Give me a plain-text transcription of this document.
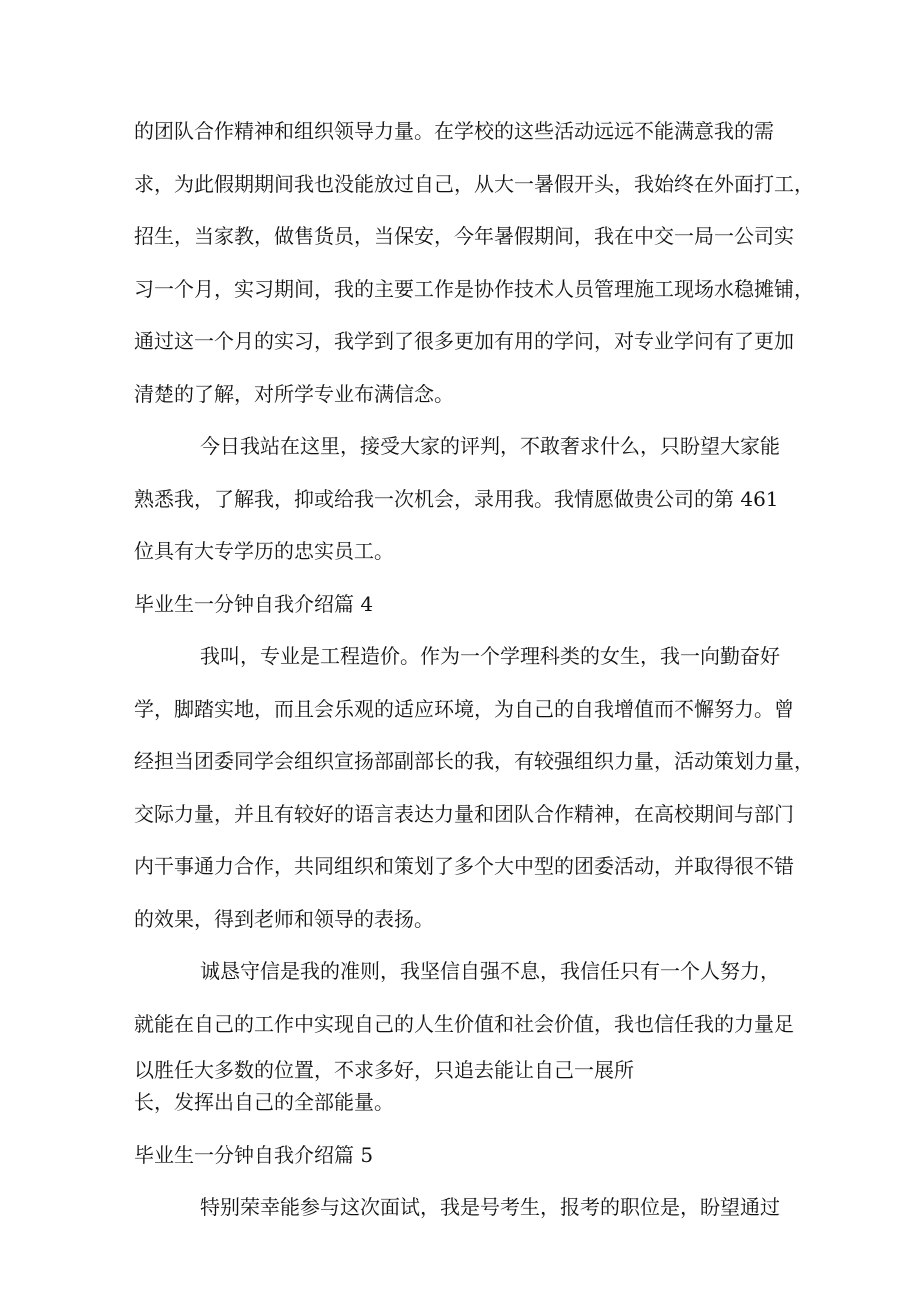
的团队合作精神和组织领导力量。在学校的这些活动远远不能满意我的需
求，为此假期期间我也没能放过自己，从大一暑假开头，我始终在外面打工，
招生，当家教，做售货员，当保安，今年暑假期间，我在中交一局一公司实
习一个月，实习期间，我的主要工作是协作技术人员管理施工现场水稳摊铺，
通过这一个月的实习，我学到了很多更加有用的学问，对专业学问有了更加
清楚的了解，对所学专业布满信念。
今日我站在这里，接受大家的评判，不敢奢求什么，只盼望大家能
熟悉我，了解我，抑或给我一次机会，录用我。我情愿做贵公司的第 461
位具有大专学历的忠实员工。
毕业生一分钟自我介绍篇 4
我叫，专业是工程造价。作为一个学理科类的女生，我一向勤奋好
学，脚踏实地，而且会乐观的适应环境，为自己的自我增值而不懈努力。曾
经担当团委同学会组织宣扬部副部长的我，有较强组织力量，活动策划力量，
交际力量，并且有较好的语言表达力量和团队合作精神，在高校期间与部门
内干事通力合作，共同组织和策划了多个大中型的团委活动，并取得很不错
的效果，得到老师和领导的表扬。
诚恳守信是我的准则，我坚信自强不息，我信任只有一个人努力，
就能在自己的工作中实现自己的人生价值和社会价值，我也信任我的力量足
以胜任大多数的位置，不求多好，只追去能让自己一展所
长，发挥出自己的全部能量。
毕业生一分钟自我介绍篇 5
特别荣幸能参与这次面试，我是号考生，报考的职位是，盼望通过
